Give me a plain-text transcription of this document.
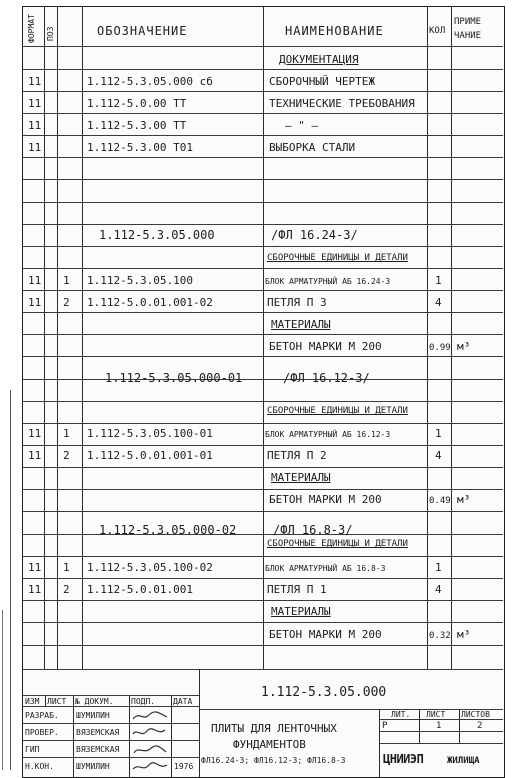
ФОРМАТ ПОЗ	ОБОЗНАЧЕНИЕ	НАИМЕНОВАНИЕ	КОЛ
ПРИМЕ
ЧАНИЕ
ДОКУМЕНТАЦИЯ
11	1.112-5.3.05.000 сб	СБОРОЧНЫЙ ЧЕРТЕЖ
11	1.112-5.0.00 ТТ	ТЕХНИЧЕСКИЕ ТРЕБОВАНИЯ
11	1.112-5.3.00 ТТ	— " —
11	1.112-5.3.00 Т01	ВЫБОРКА СТАЛИ
1.112-5.3.05.000	/ФЛ 16.24-3/
СБОРОЧНЫЕ ЕДИНИЦЫ И ДЕТАЛИ
11 1 1.112-5.3.05.100	БЛОК АРМАТУРНЫЙ АБ 16.24-3	1
11 2 1.112-5.0.01.001-02	ПЕТЛЯ П 3	4
МАТЕРИАЛЫ
БЕТОН МАРКИ М 200	0.99 м³
1.112-5.3.05.000-01	/ФЛ 16.12-3/
СБОРОЧНЫЕ ЕДИНИЦЫ И ДЕТАЛИ
11 1 1.112-5.3.05.100-01	БЛОК АРМАТУРНЫЙ АБ 16.12-3	1
11 2 1.112-5.0.01.001-01	ПЕТЛЯ П 2	4
МАТЕРИАЛЫ
БЕТОН МАРКИ М 200	0.49 м³
1.112-5.3.05.000-02	/ФЛ 16.8-3/
СБОРОЧНЫЕ ЕДИНИЦЫ И ДЕТАЛИ
11 1 1.112-5.3.05.100-02	БЛОК АРМАТУРНЫЙ АБ 16.8-3	1
11 2 1.112-5.0.01.001	ПЕТЛЯ П 1	4
МАТЕРИАЛЫ
БЕТОН МАРКИ М 200	0.32 м³
1.112-5.3.05.000
ИЗМ ЛИСТ № ДОКУМ. ПОДП. ДАТА
РАЗРАБ. ШУМИЛИН
ПРОВЕР. ВЯЗЕМСКАЯ
ГИП	ВЯЗЕМСКАЯ
Н.КОН.	ШУМИЛИН	1976
ПЛИТЫ ДЛЯ ЛЕНТОЧНЫХ
ФУНДАМЕНТОВ
ФЛ16.24-3; ФЛ16.12-3; ФЛ16.8-3
ЛИТ. ЛИСТ ЛИСТОВ
Р	1	2
ЦНИИЭП	ЖИЛИЩА
